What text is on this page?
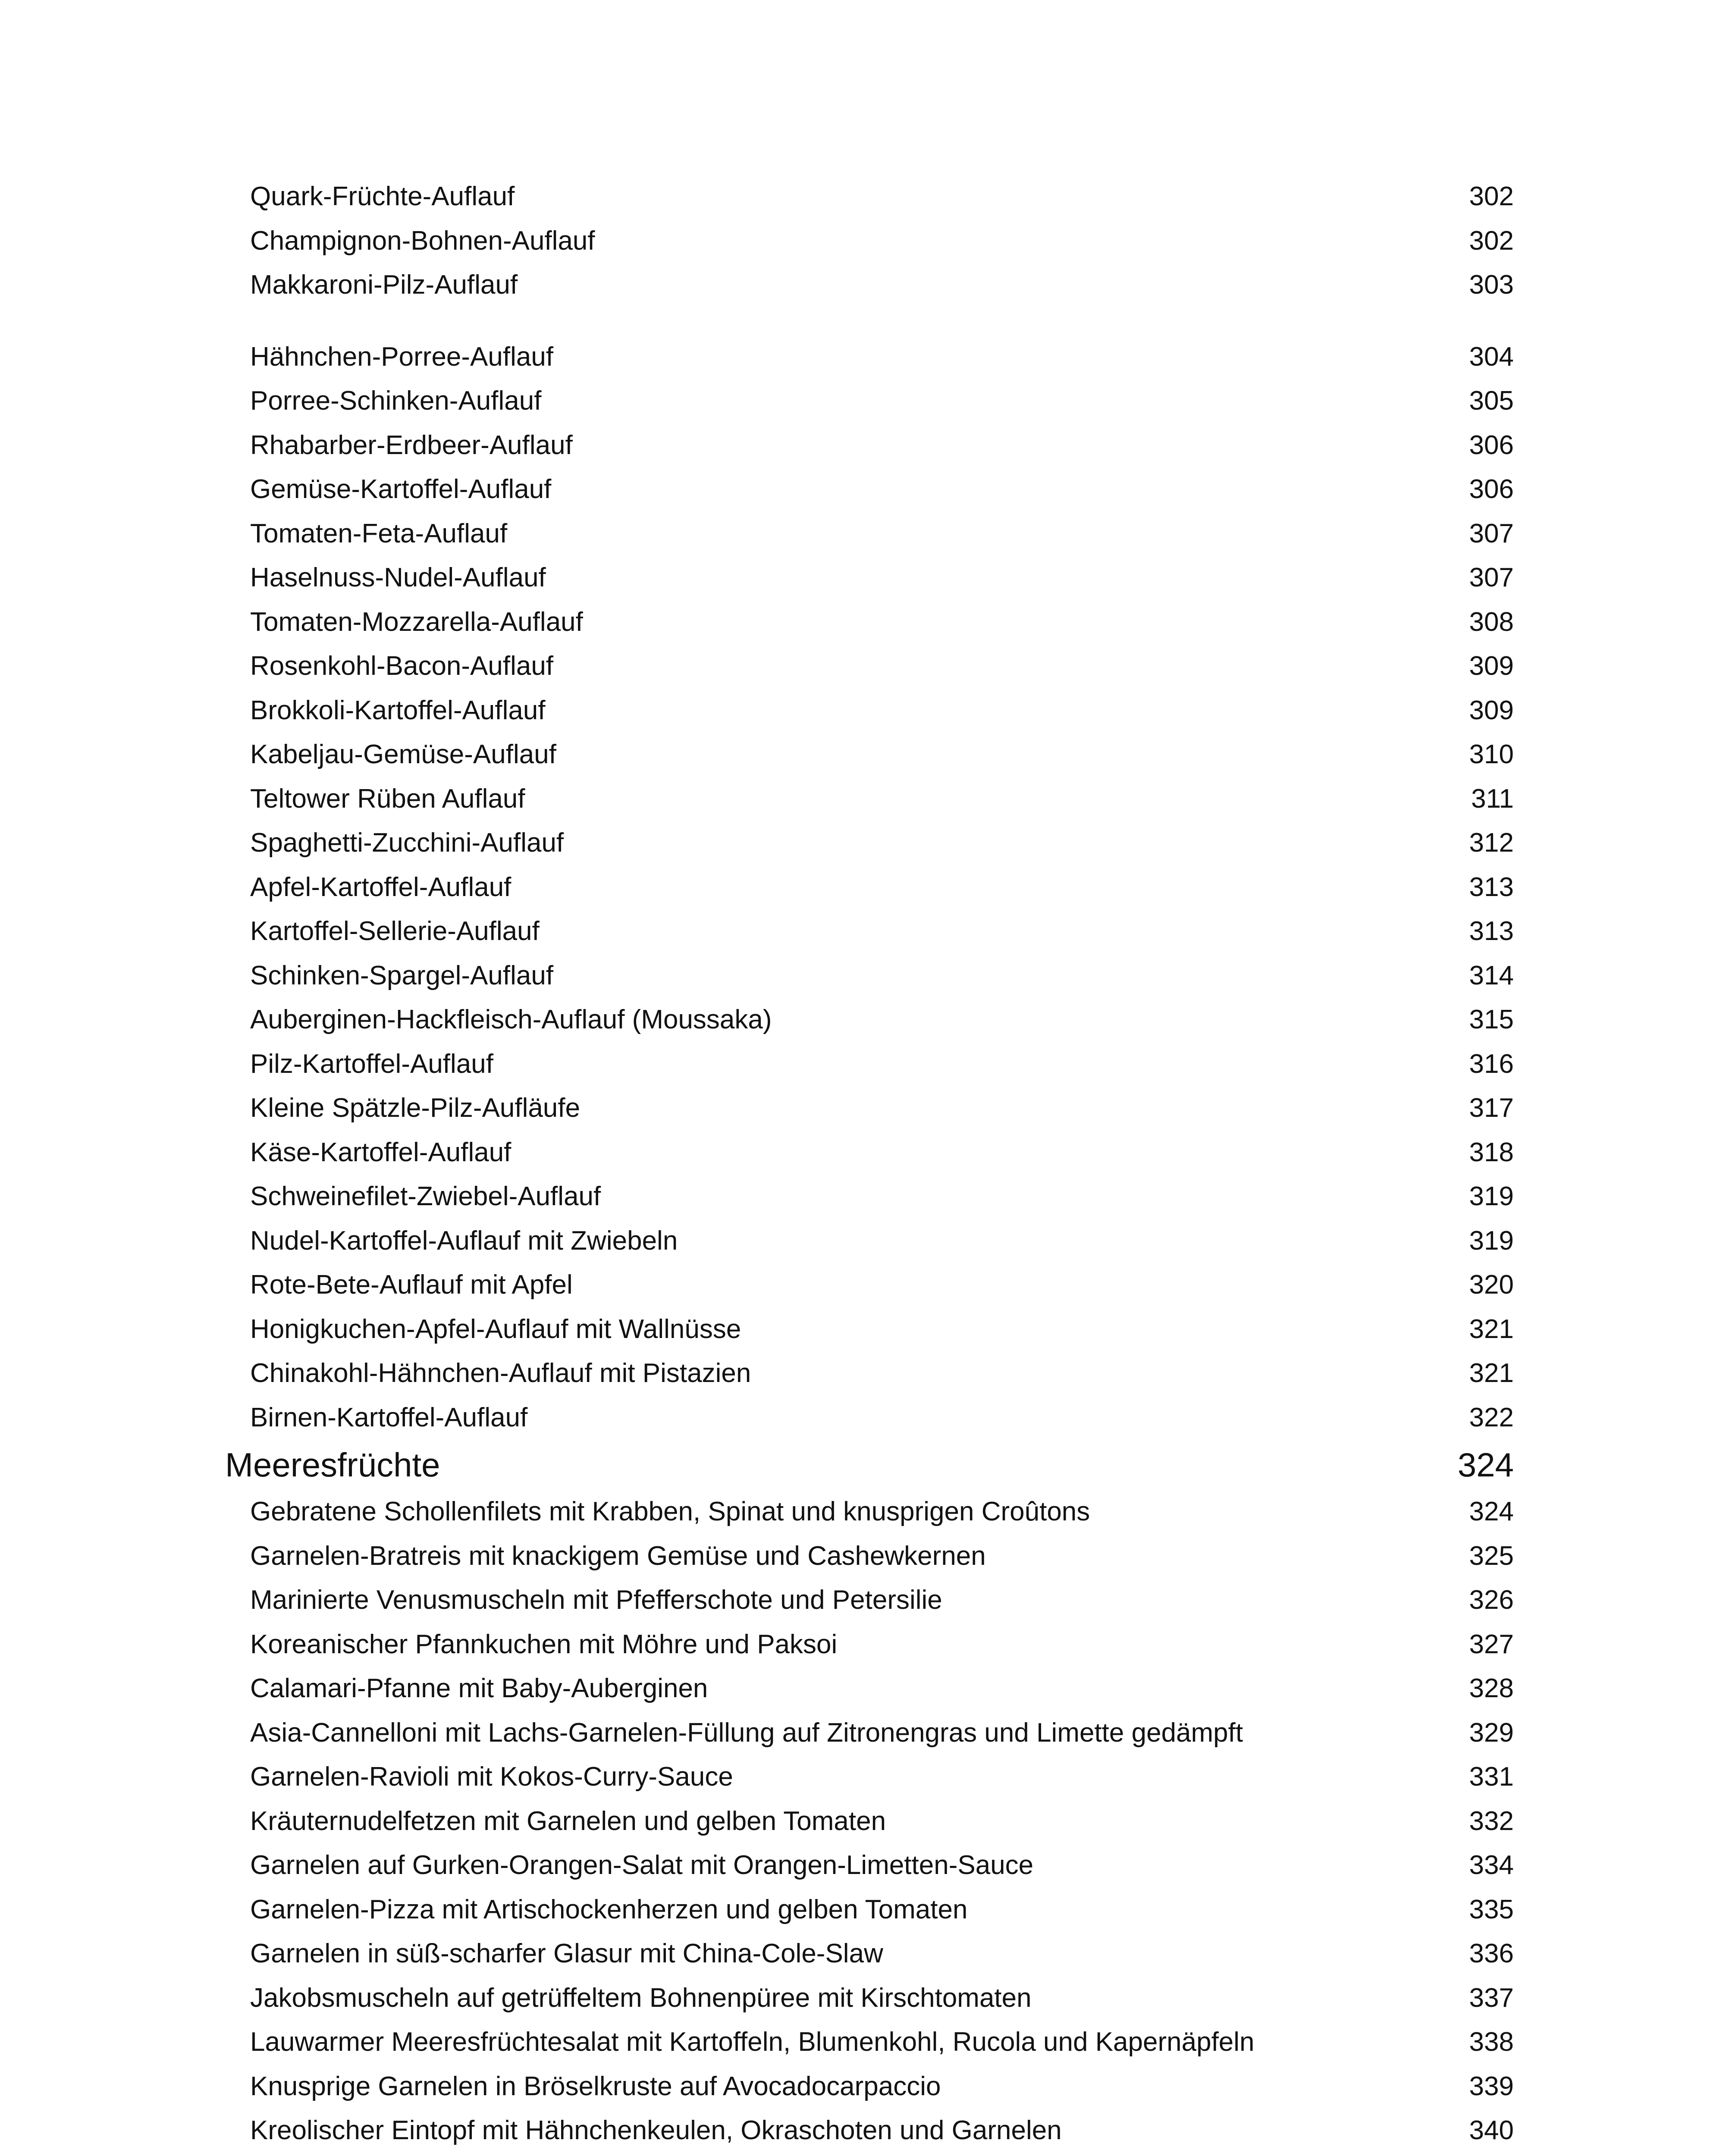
Quark-Früchte-Auflauf	302
Champignon-Bohnen-Auflauf	302
Makkaroni-Pilz-Auflauf	303
Hähnchen-Porree-Auflauf	304
Porree-Schinken-Auflauf	305
Rhabarber-Erdbeer-Auflauf	306
Gemüse-Kartoffel-Auflauf	306
Tomaten-Feta-Auflauf	307
Haselnuss-Nudel-Auflauf	307
Tomaten-Mozzarella-Auflauf	308
Rosenkohl-Bacon-Auflauf	309
Brokkoli-Kartoffel-Auflauf	309
Kabeljau-Gemüse-Auflauf	310
Teltower Rüben Auflauf	311
Spaghetti-Zucchini-Auflauf	312
Apfel-Kartoffel-Auflauf	313
Kartoffel-Sellerie-Auflauf	313
Schinken-Spargel-Auflauf	314
Auberginen-Hackfleisch-Auflauf (Moussaka)	315
Pilz-Kartoffel-Auflauf	316
Kleine Spätzle-Pilz-Aufläufe	317
Käse-Kartoffel-Auflauf	318
Schweinefilet-Zwiebel-Auflauf	319
Nudel-Kartoffel-Auflauf mit Zwiebeln	319
Rote-Bete-Auflauf mit Apfel	320
Honigkuchen-Apfel-Auflauf mit Wallnüsse	321
Chinakohl-Hähnchen-Auflauf mit Pistazien	321
Birnen-Kartoffel-Auflauf	322
Meeresfrüchte	324
Gebratene Schollenfilets mit Krabben, Spinat und knusprigen Croûtons	324
Garnelen-Bratreis mit knackigem Gemüse und Cashewkernen	325
Marinierte Venusmuscheln mit Pfefferschote und Petersilie	326
Koreanischer Pfannkuchen mit Möhre und Paksoi	327
Calamari-Pfanne mit Baby-Auberginen	328
Asia-Cannelloni mit Lachs-Garnelen-Füllung auf Zitronengras und Limette gedämpft	329
Garnelen-Ravioli mit Kokos-Curry-Sauce	331
Kräuternudelfetzen mit Garnelen und gelben Tomaten	332
Garnelen auf Gurken-Orangen-Salat mit Orangen-Limetten-Sauce	334
Garnelen-Pizza mit Artischockenherzen und gelben Tomaten	335
Garnelen in süß-scharfer Glasur mit China-Cole-Slaw	336
Jakobsmuscheln auf getrüffeltem Bohnenpüree mit Kirschtomaten	337
Lauwarmer Meeresfrüchtesalat mit Kartoffeln, Blumenkohl, Rucola und Kapernäpfeln	338
Knusprige Garnelen in Bröselkruste auf Avocadocarpaccio	339
Kreolischer Eintopf mit Hähnchenkeulen, Okraschoten und Garnelen	340
